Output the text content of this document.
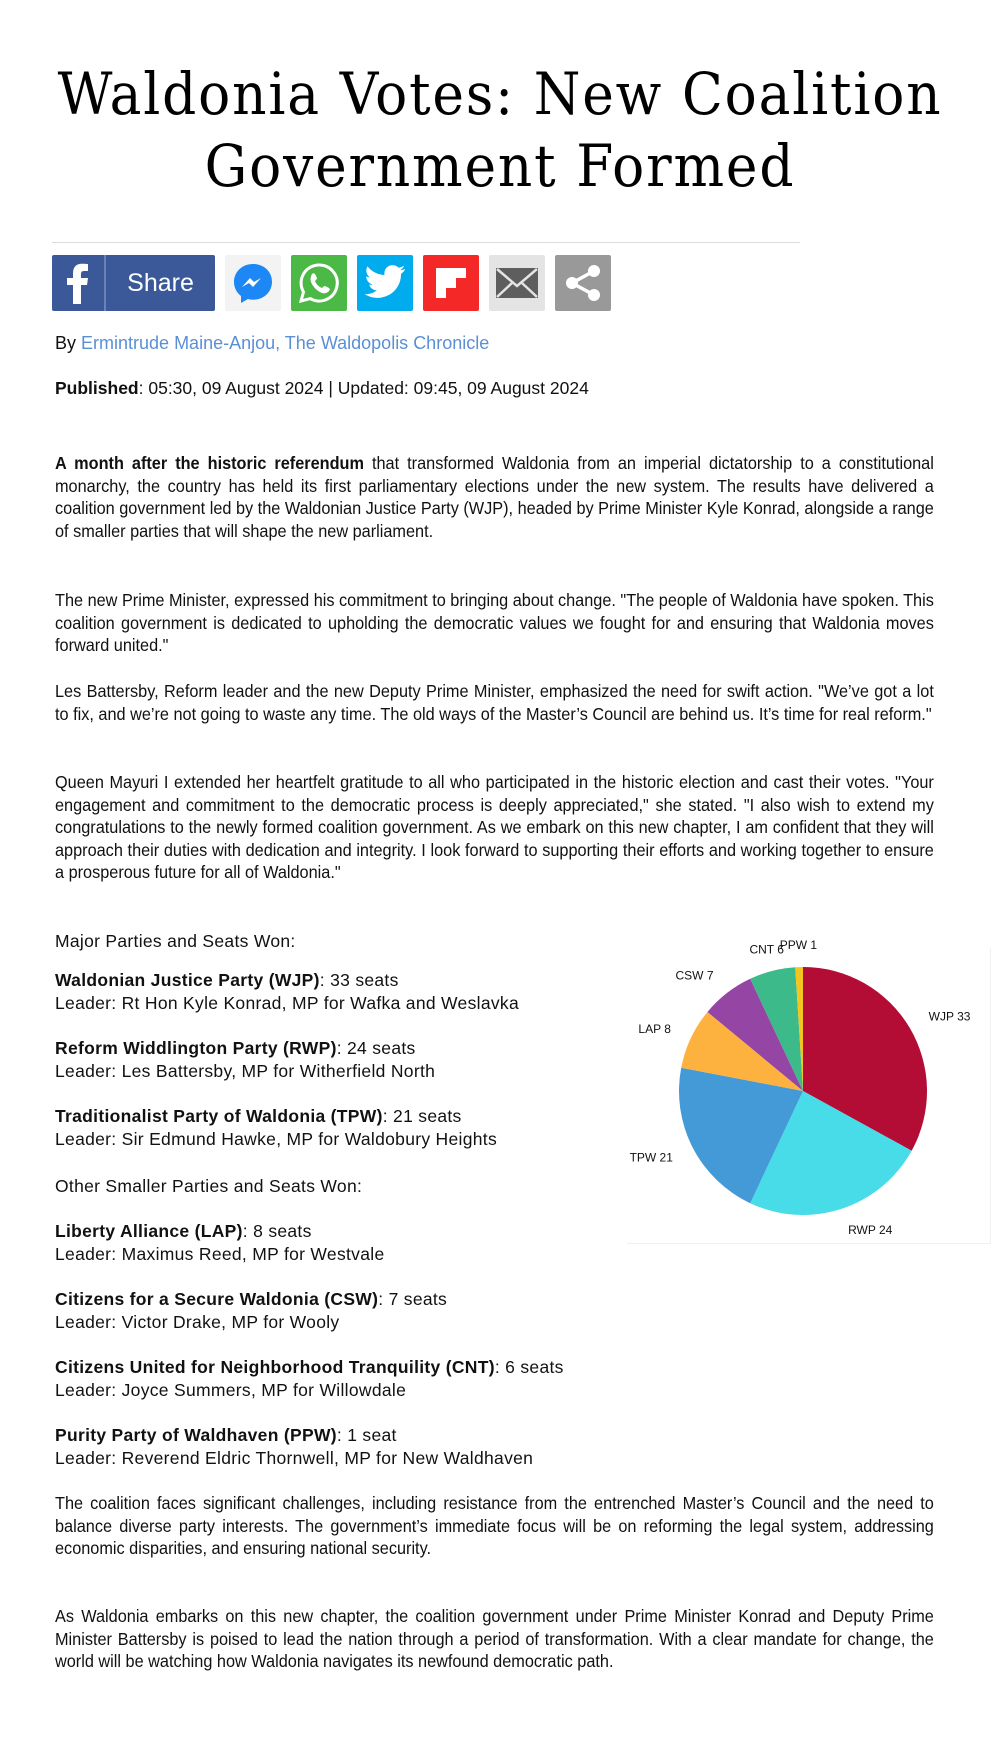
Waldonia Votes: New Coalition
Government Formed
Share
By Ermintrude Maine-Anjou, The Waldopolis Chronicle
Published: 05:30, 09 August 2024 | Updated: 09:45, 09 August 2024

A month after the historic referendum that transformed Waldonia from an imperial dictatorship to a constitutional monarchy, the country has held its first parliamentary elections under the new system. The results have delivered a coalition government led by the Waldonian Justice Party (WJP), headed by Prime Minister Kyle Konrad, alongside a range of smaller parties that will shape the new parliament.

The new Prime Minister, expressed his commitment to bringing about change. "The people of Waldonia have spoken. This coalition government is dedicated to upholding the democratic values we fought for and ensuring that Waldonia moves forward united."

Les Battersby, Reform leader and the new Deputy Prime Minister, emphasized the need for swift action. "We’ve got a lot to fix, and we’re not going to waste any time. The old ways of the Master’s Council are behind us. It’s time for real reform."

Queen Mayuri I extended her heartfelt gratitude to all who participated in the historic election and cast their votes. "Your engagement and commitment to the democratic process is deeply appreciated," she stated. "I also wish to extend my congratulations to the newly formed coalition government. As we embark on this new chapter, I am confident that they will approach their duties with dedication and integrity. I look forward to supporting their efforts and working together to ensure a prosperous future for all of Waldonia."

Major Parties and Seats Won:

Waldonian Justice Party (WJP): 33 seats
Leader: Rt Hon Kyle Konrad, MP for Wafka and Weslavka

Reform Widdlington Party (RWP): 24 seats
Leader: Les Battersby, MP for Witherfield North

Traditionalist Party of Waldonia (TPW): 21 seats
Leader: Sir Edmund Hawke, MP for Waldobury Heights

Other Smaller Parties and Seats Won:

Liberty Alliance (LAP): 8 seats
Leader: Maximus Reed, MP for Westvale

Citizens for a Secure Waldonia (CSW): 7 seats
Leader: Victor Drake, MP for Wooly

Citizens United for Neighborhood Tranquility (CNT): 6 seats
Leader: Joyce Summers, MP for Willowdale

Purity Party of Waldhaven (PPW): 1 seat
Leader: Reverend Eldric Thornwell, MP for New Waldhaven

The coalition faces significant challenges, including resistance from the entrenched Master’s Council and the need to balance diverse party interests. The government’s immediate focus will be on reforming the legal system, addressing economic disparities, and ensuring national security.

As Waldonia embarks on this new chapter, the coalition government under Prime Minister Konrad and Deputy Prime Minister Battersby is poised to lead the nation through a period of transformation. With a clear mandate for change, the world will be watching how Waldonia navigates its newfound democratic path.

WJP 33
RWP 24
TPW 21
LAP 8
CSW 7
CNT 6
PPW 1
